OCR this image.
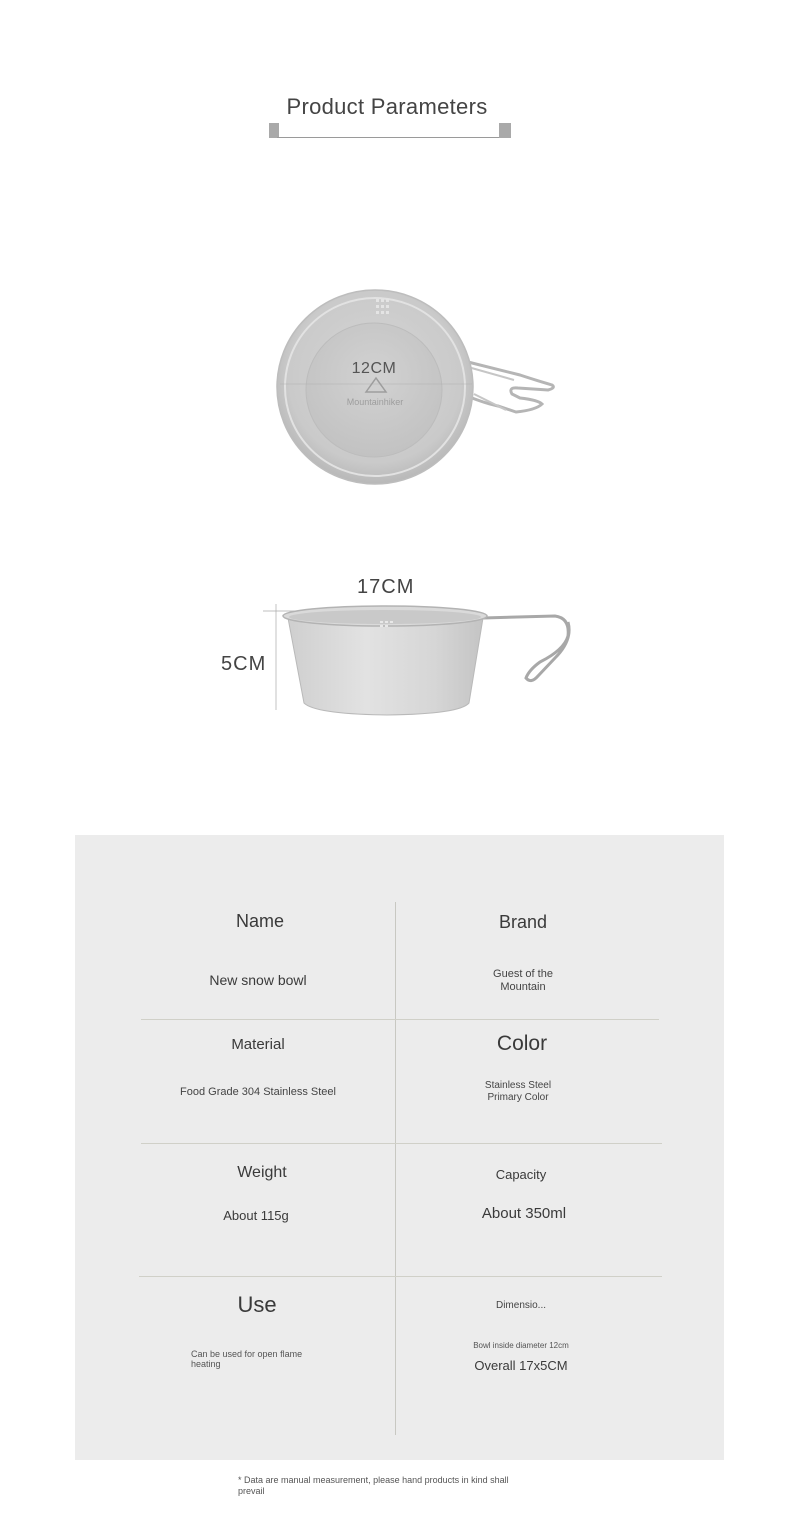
Product Parameters
Mountainhiker
12CM
17CM
5CM
Name
New snow bowl
Brand
Guest of the
Mountain
Material
Food Grade 304 Stainless Steel
Color
Stainless Steel
Primary Color
Weight
About 115g
Capacity
About 350ml
Use
Can be used for open flame
heating
Dimensio...
Bowl inside diameter 12cm
Overall 17x5CM
* Data are manual measurement, please hand products in kind shall
prevail
